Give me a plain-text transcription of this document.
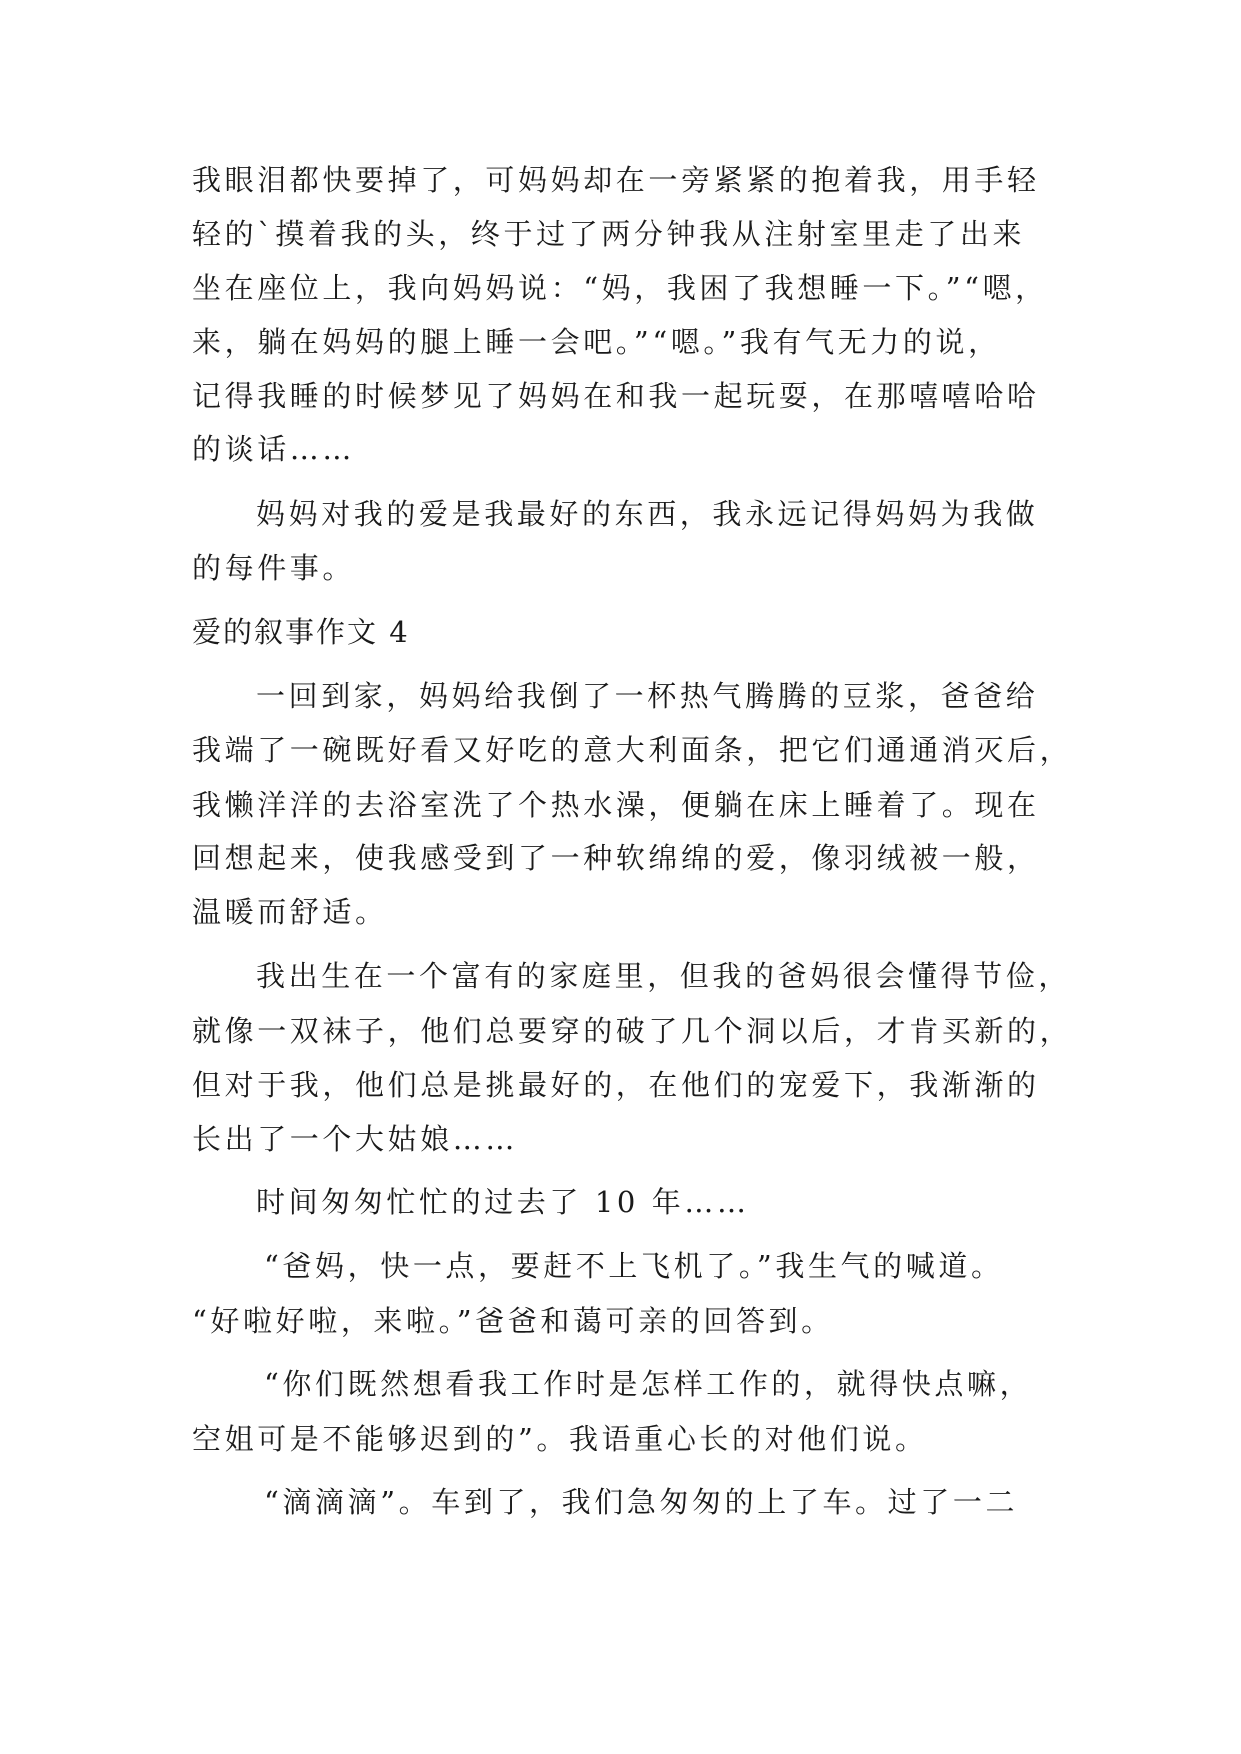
我眼泪都快要掉了，可妈妈却在一旁紧紧的抱着我，用手轻
轻的`摸着我的头，终于过了两分钟我从注射室里走了出来
坐在座位上，我向妈妈说：“妈，我困了我想睡一下。”“嗯，
来，躺在妈妈的腿上睡一会吧。”“嗯。”我有气无力的说，
记得我睡的时候梦见了妈妈在和我一起玩耍，在那嘻嘻哈哈
的谈话……
妈妈对我的爱是我最好的东西，我永远记得妈妈为我做
的每件事。
爱的叙事作文 4
一回到家，妈妈给我倒了一杯热气腾腾的豆浆，爸爸给
我端了一碗既好看又好吃的意大利面条，把它们通通消灭后，
我懒洋洋的去浴室洗了个热水澡，便躺在床上睡着了。现在
回想起来，使我感受到了一种软绵绵的爱，像羽绒被一般，
温暖而舒适。
我出生在一个富有的家庭里，但我的爸妈很会懂得节俭，
就像一双袜子，他们总要穿的破了几个洞以后，才肯买新的，
但对于我，他们总是挑最好的，在他们的宠爱下，我渐渐的
长出了一个大姑娘……
时间匆匆忙忙的过去了 10 年……
“爸妈，快一点，要赶不上飞机了。”我生气的喊道。
“好啦好啦，来啦。”爸爸和蔼可亲的回答到。
“你们既然想看我工作时是怎样工作的，就得快点嘛，
空姐可是不能够迟到的”。我语重心长的对他们说。
“滴滴滴”。车到了，我们急匆匆的上了车。过了一二
